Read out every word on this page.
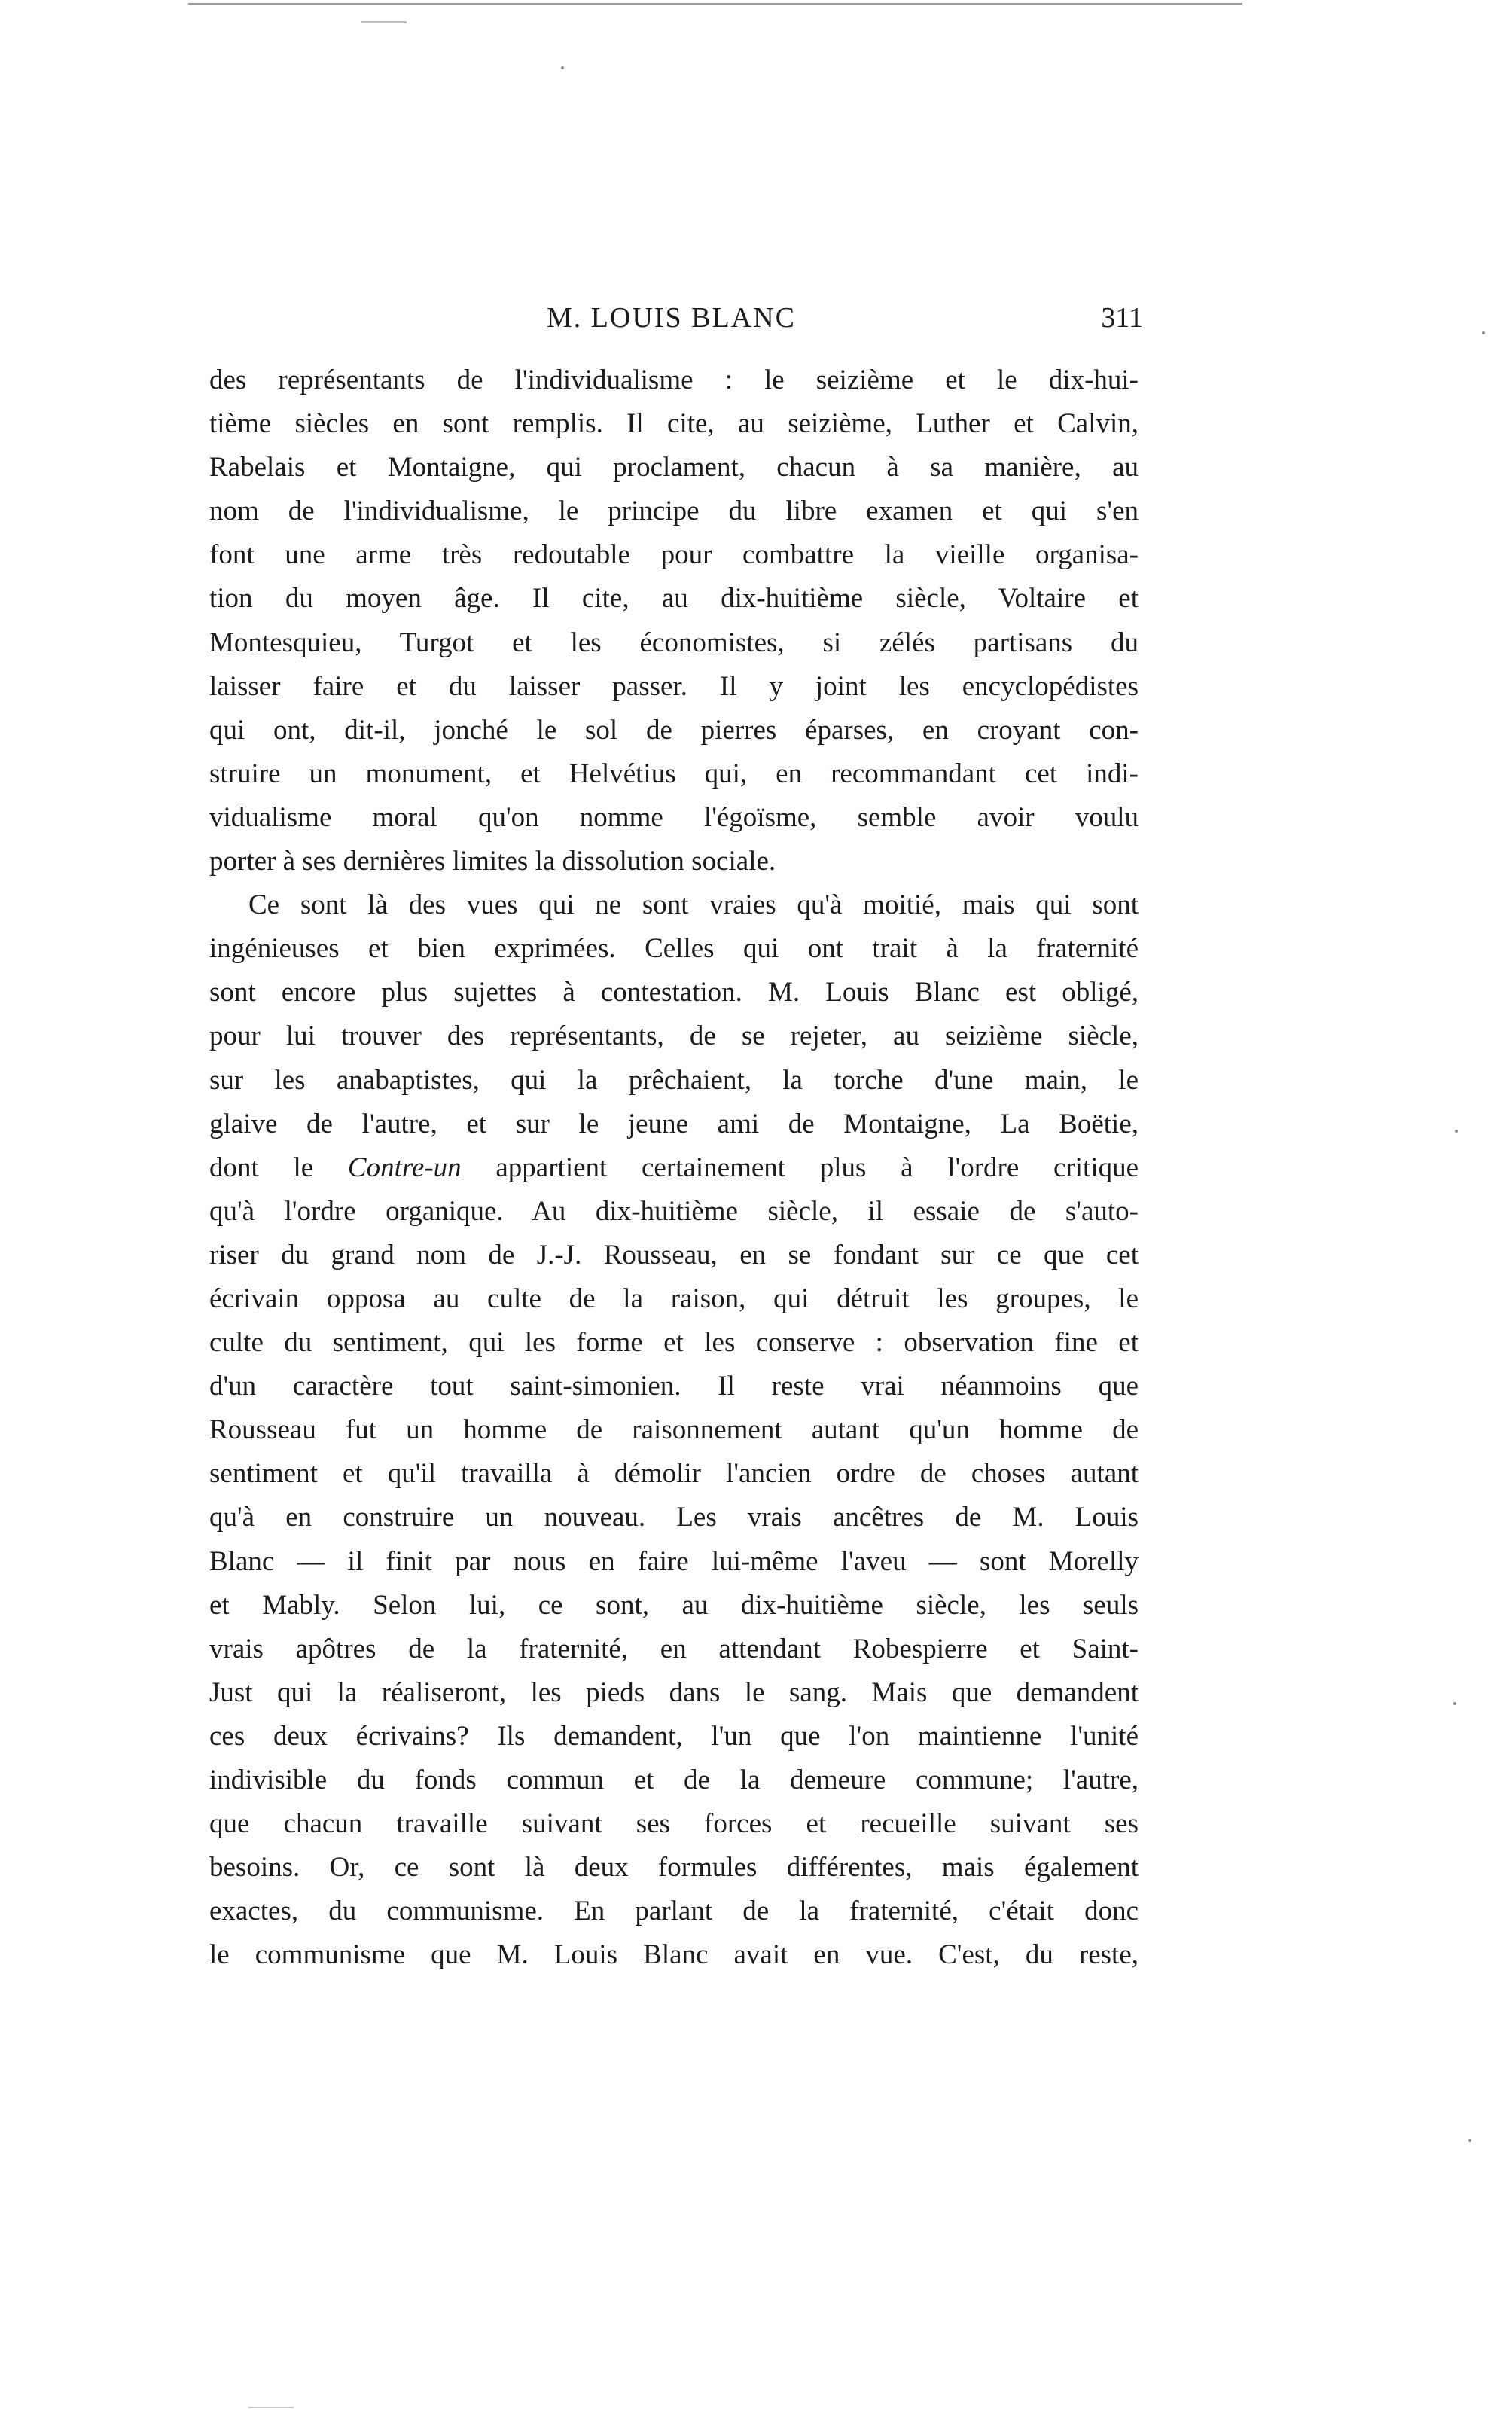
M. LOUIS BLANC	311
des représentants de l'individualisme : le seizième et le dix-hui-
tième siècles en sont remplis. Il cite, au seizième, Luther et Calvin,
Rabelais et Montaigne, qui proclament, chacun à sa manière, au
nom de l'individualisme, le principe du libre examen et qui s'en
font une arme très redoutable pour combattre la vieille organisa-
tion du moyen âge. Il cite, au dix-huitième siècle, Voltaire et
Montesquieu, Turgot et les économistes, si zélés partisans du
laisser faire et du laisser passer. Il y joint les encyclopédistes
qui ont, dit-il, jonché le sol de pierres éparses, en croyant con-
struire un monument, et Helvétius qui, en recommandant cet indi-
vidualisme moral qu'on nomme l'égoïsme, semble avoir voulu
porter à ses dernières limites la dissolution sociale.
Ce sont là des vues qui ne sont vraies qu'à moitié, mais qui sont
ingénieuses et bien exprimées. Celles qui ont trait à la fraternité
sont encore plus sujettes à contestation. M. Louis Blanc est obligé,
pour lui trouver des représentants, de se rejeter, au seizième siècle,
sur les anabaptistes, qui la prêchaient, la torche d'une main, le
glaive de l'autre, et sur le jeune ami de Montaigne, La Boëtie,
dont le Contre-un appartient certainement plus à l'ordre critique
qu'à l'ordre organique. Au dix-huitième siècle, il essaie de s'auto-
riser du grand nom de J.-J. Rousseau, en se fondant sur ce que cet
écrivain opposa au culte de la raison, qui détruit les groupes, le
culte du sentiment, qui les forme et les conserve : observation fine et
d'un caractère tout saint-simonien. Il reste vrai néanmoins que
Rousseau fut un homme de raisonnement autant qu'un homme de
sentiment et qu'il travailla à démolir l'ancien ordre de choses autant
qu'à en construire un nouveau. Les vrais ancêtres de M. Louis
Blanc — il finit par nous en faire lui-même l'aveu — sont Morelly
et Mably. Selon lui, ce sont, au dix-huitième siècle, les seuls
vrais apôtres de la fraternité, en attendant Robespierre et Saint-
Just qui la réaliseront, les pieds dans le sang. Mais que demandent
ces deux écrivains? Ils demandent, l'un que l'on maintienne l'unité
indivisible du fonds commun et de la demeure commune; l'autre,
que chacun travaille suivant ses forces et recueille suivant ses
besoins. Or, ce sont là deux formules différentes, mais également
exactes, du communisme. En parlant de la fraternité, c'était donc
le communisme que M. Louis Blanc avait en vue. C'est, du reste,
